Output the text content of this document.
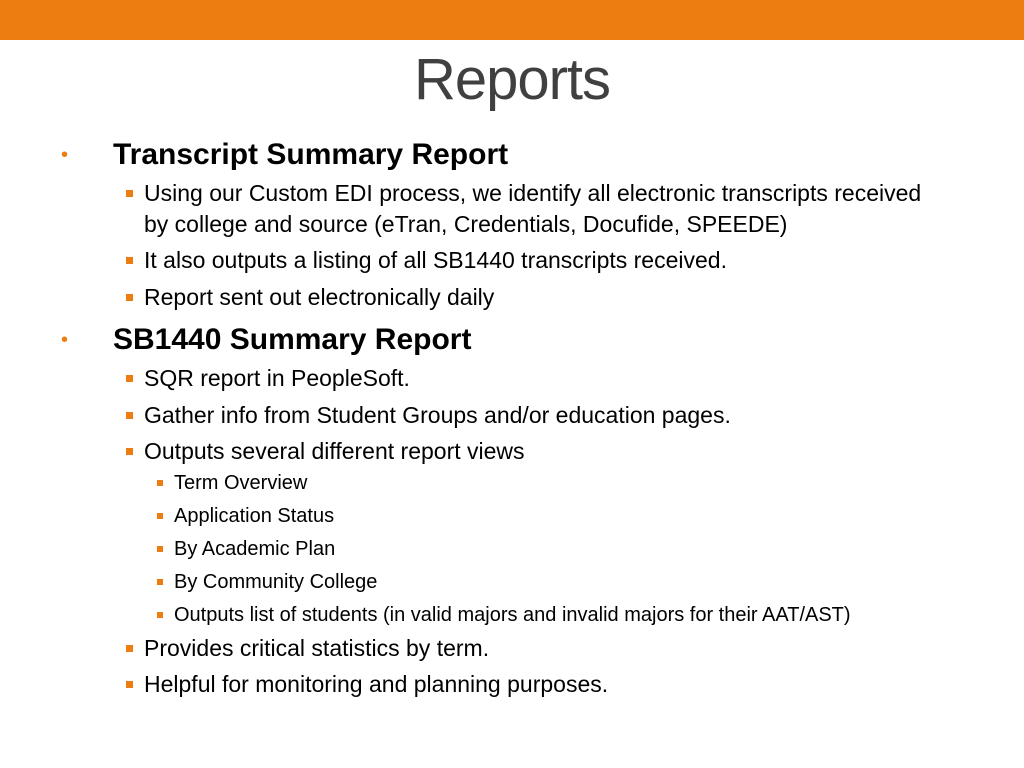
Reports
• Transcript Summary Report
Using our Custom EDI process, we identify all electronic transcripts received by college and source (eTran, Credentials, Docufide, SPEEDE)
It also outputs a listing of all SB1440 transcripts received.
Report sent out electronically daily
• SB1440 Summary Report
SQR report in PeopleSoft.
Gather info from Student Groups and/or education pages.
Outputs several different report views
Term Overview
Application Status
By Academic Plan
By Community College
Outputs list of students (in valid majors and invalid majors for their AAT/AST)
Provides critical statistics by term.
Helpful for monitoring and planning purposes.
